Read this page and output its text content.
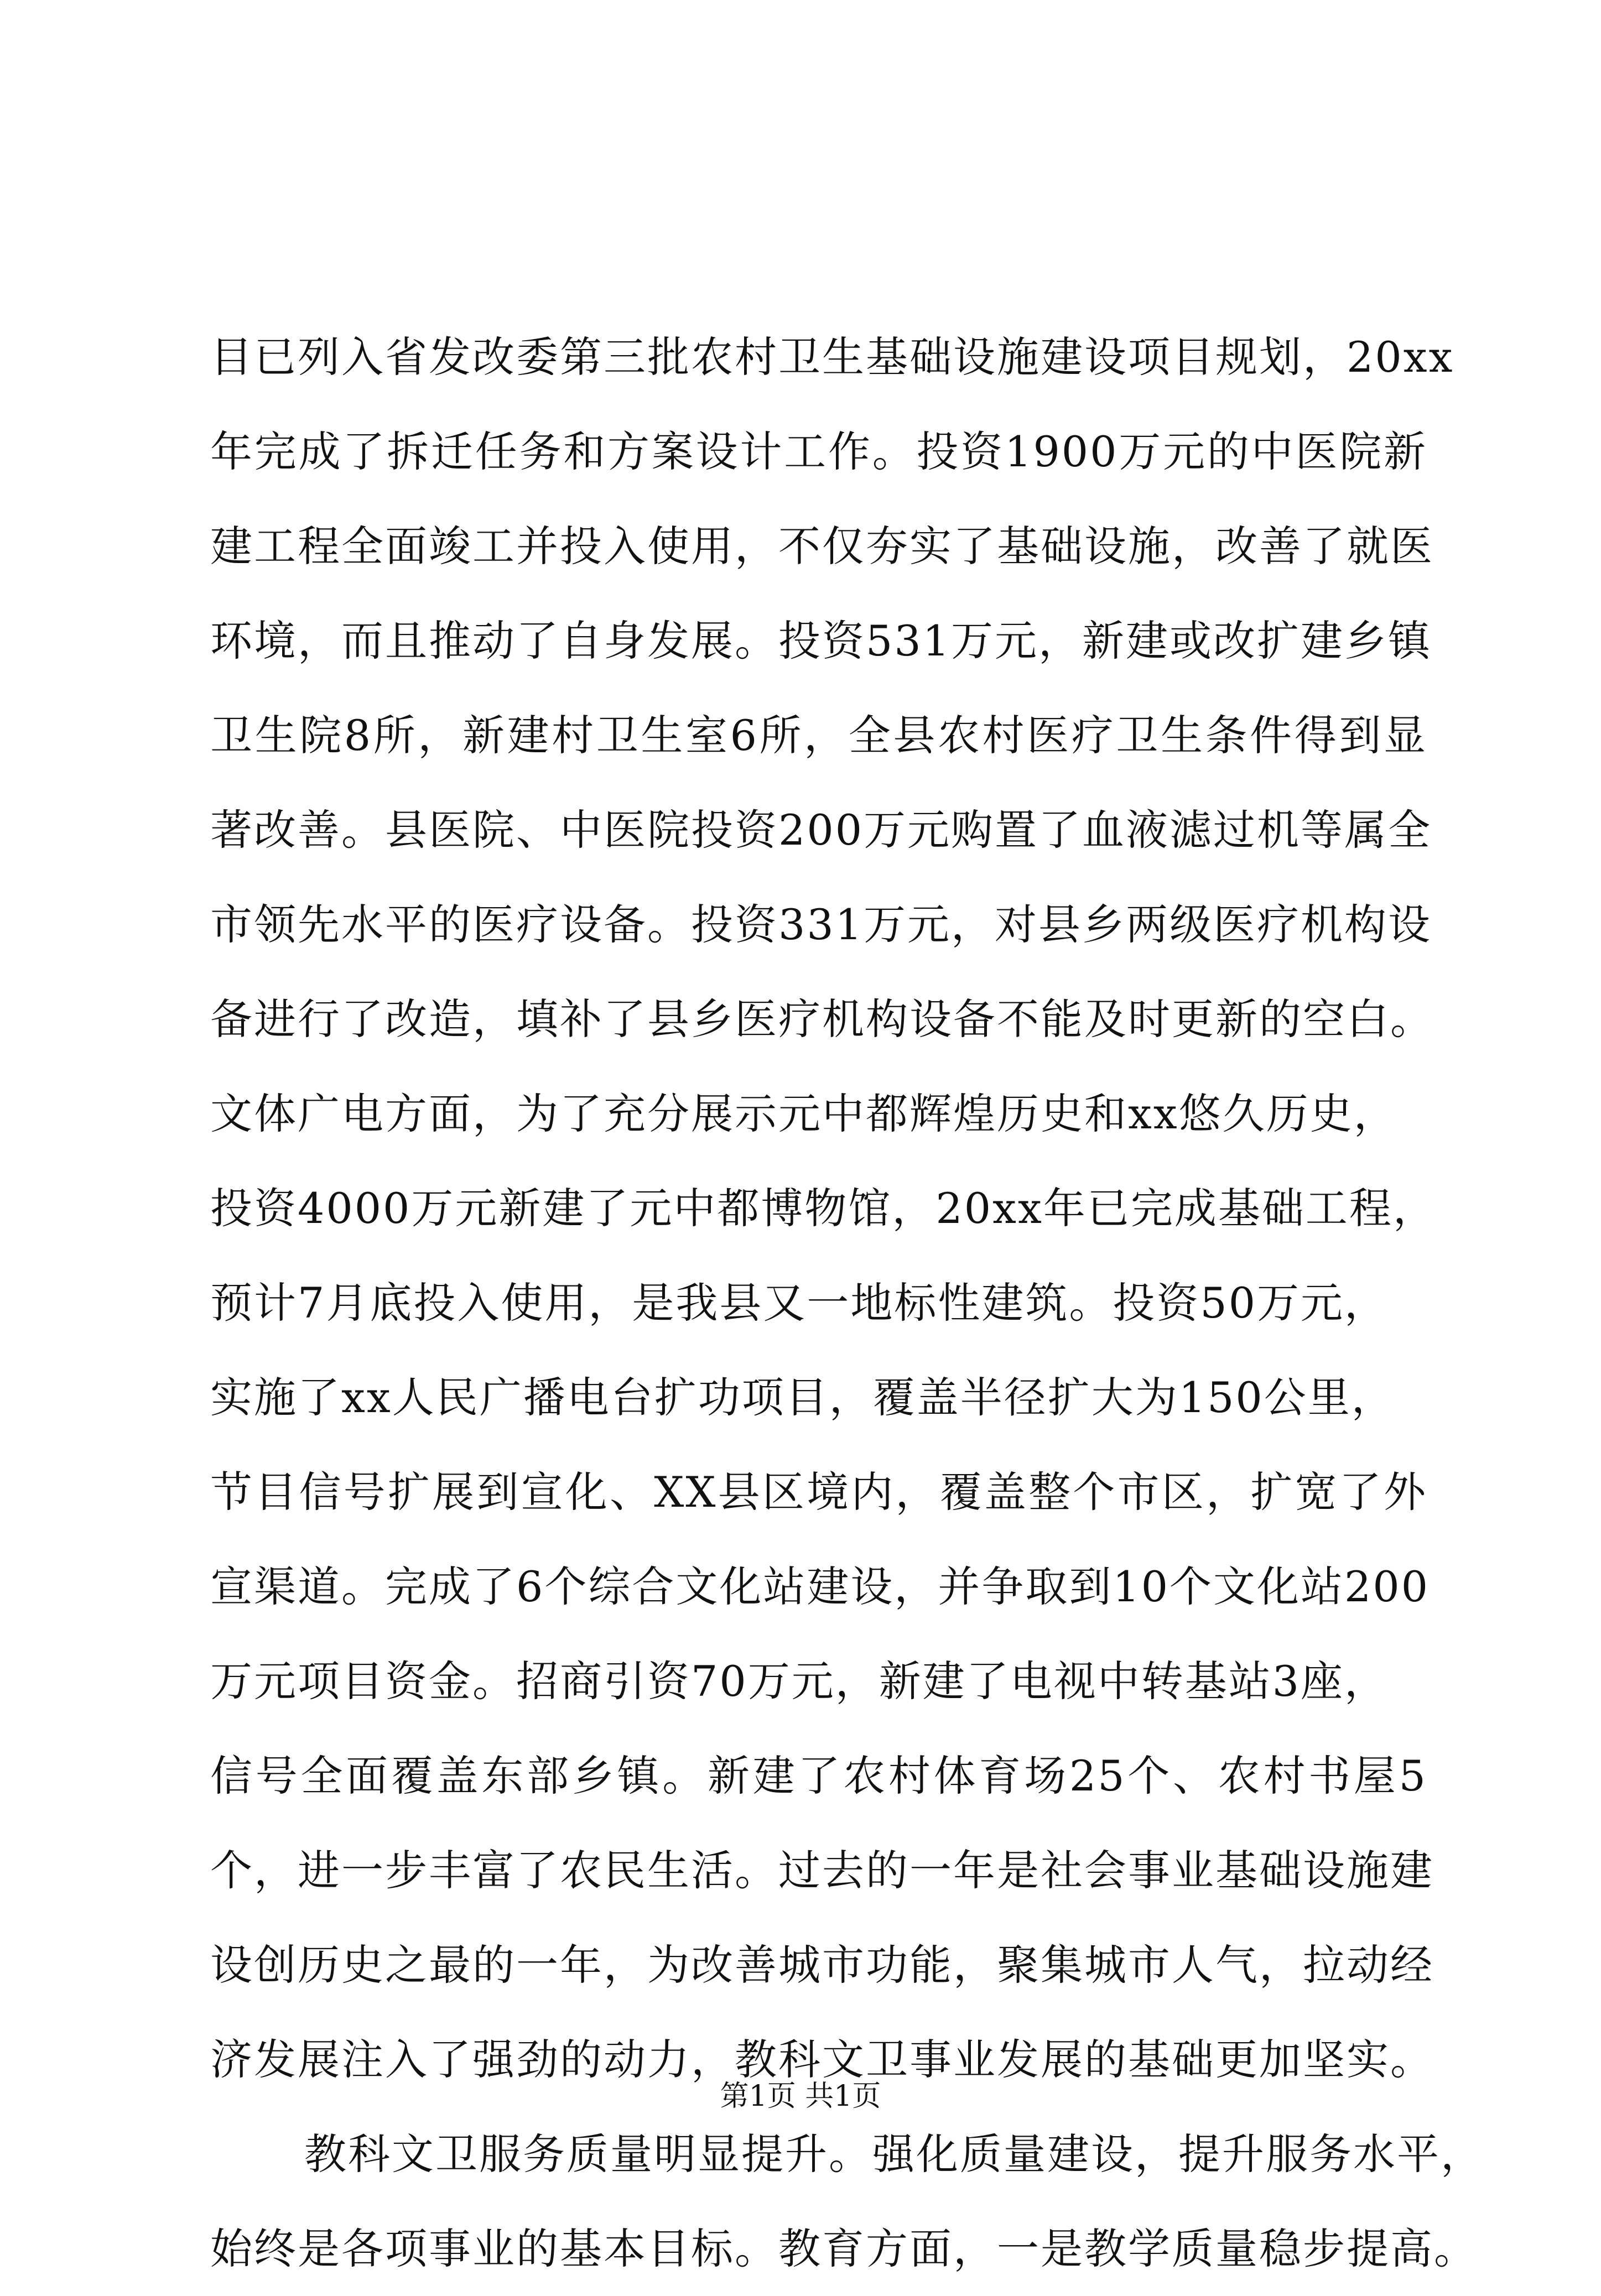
目已列入省发改委第三批农村卫生基础设施建设项目规划，20xx
年完成了拆迁任务和方案设计工作。投资1900万元的中医院新
建工程全面竣工并投入使用，不仅夯实了基础设施，改善了就医
环境，而且推动了自身发展。投资531万元，新建或改扩建乡镇
卫生院8所，新建村卫生室6所，全县农村医疗卫生条件得到显
著改善。县医院、中医院投资200万元购置了血液滤过机等属全
市领先水平的医疗设备。投资331万元，对县乡两级医疗机构设
备进行了改造，填补了县乡医疗机构设备不能及时更新的空白。
文体广电方面，为了充分展示元中都辉煌历史和xx悠久历史，
投资4000万元新建了元中都博物馆，20xx年已完成基础工程，
预计7月底投入使用，是我县又一地标性建筑。投资50万元，
实施了xx人民广播电台扩功项目，覆盖半径扩大为150公里，
节目信号扩展到宣化、XX县区境内，覆盖整个市区，扩宽了外
宣渠道。完成了6个综合文化站建设，并争取到10个文化站200
万元项目资金。招商引资70万元，新建了电视中转基站3座，
信号全面覆盖东部乡镇。新建了农村体育场25个、农村书屋5
个，进一步丰富了农民生活。过去的一年是社会事业基础设施建
设创历史之最的一年，为改善城市功能，聚集城市人气，拉动经
济发展注入了强劲的动力，教科文卫事业发展的基础更加坚实。
教科文卫服务质量明显提升。强化质量建设，提升服务水平，
始终是各项事业的基本目标。教育方面，一是教学质量稳步提高。
第1页 共1页
